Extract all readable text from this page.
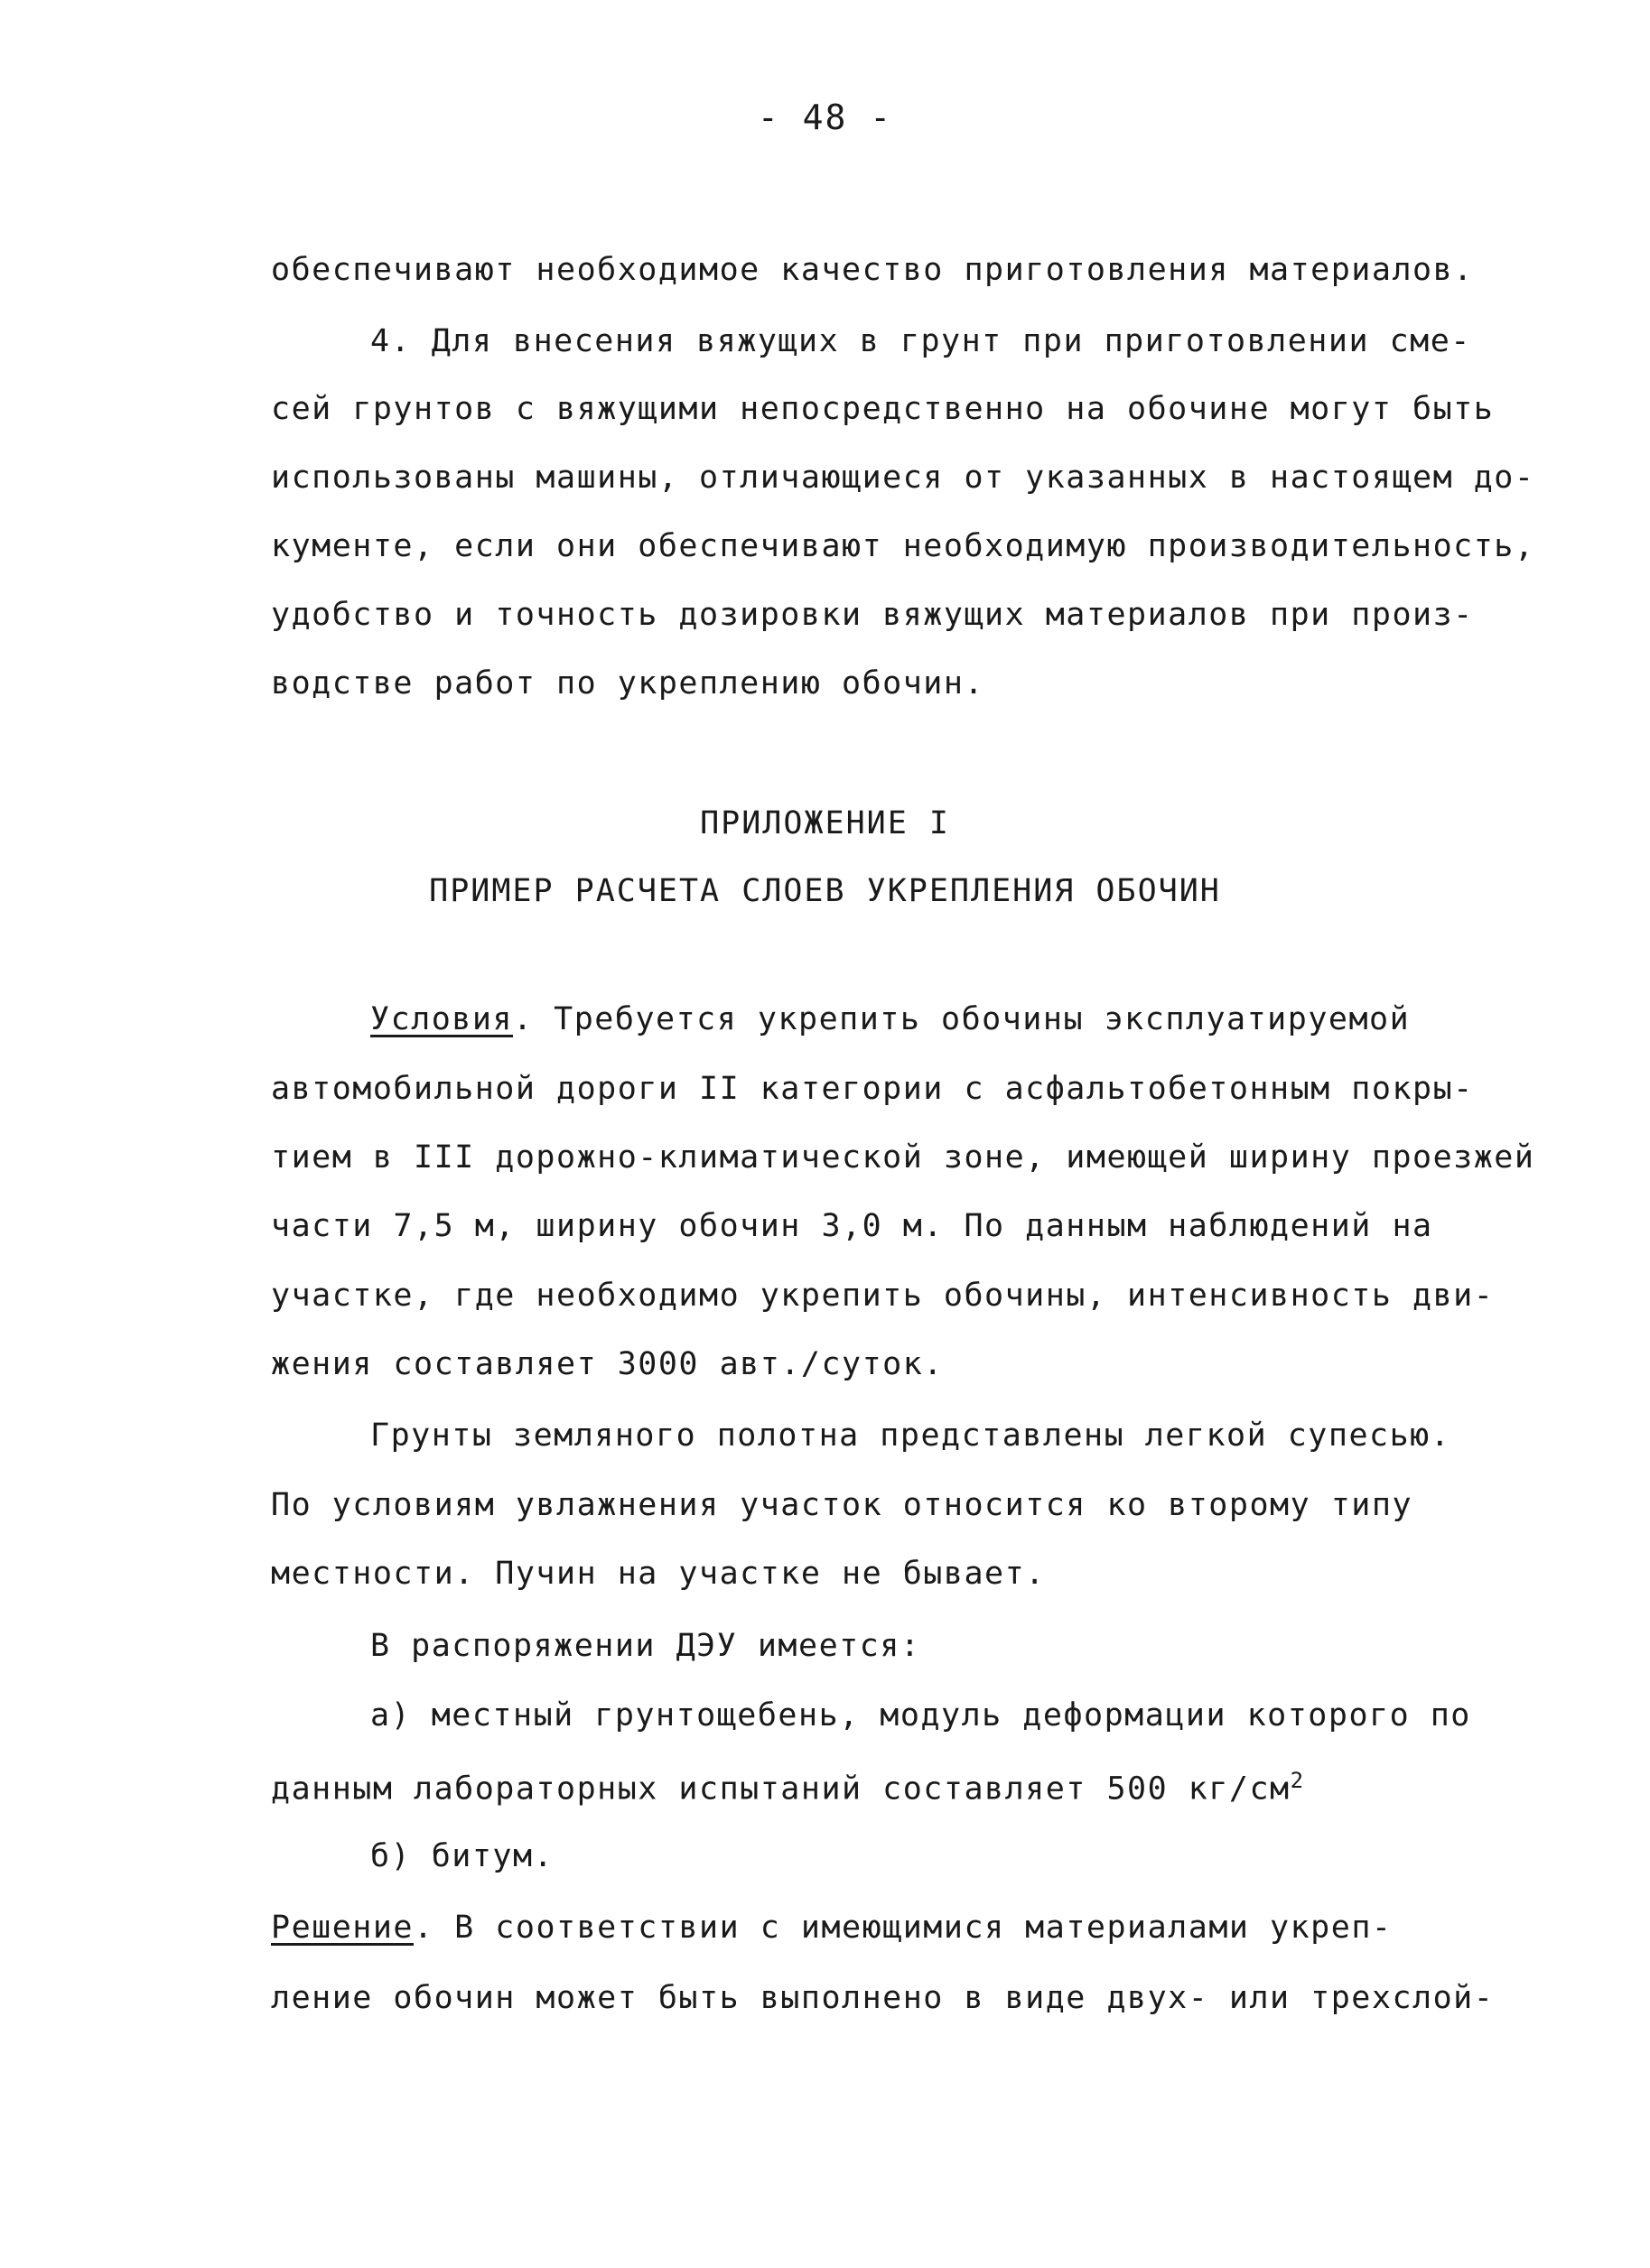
- 48 -
обеспечивают необходимое качество приготовления материалов.
4. Для внесения вяжущих в грунт при приготовлении сме-
сей грунтов с вяжущими непосредственно на обочине могут быть
использованы машины, отличающиеся от указанных в настоящем до-
кументе, если они обеспечивают необходимую производительность,
удобство и точность дозировки вяжущих материалов при произ-
водстве работ по укреплению обочин.
ПРИЛОЖЕНИЕ I
ПРИМЕР РАСЧЕТА СЛОЕВ УКРЕПЛЕНИЯ ОБОЧИН
Условия. Требуется укрепить обочины эксплуатируемой
автомобильной дороги II категории с асфальтобетонным покры-
тием в III дорожно-климатической зоне, имеющей ширину проезжей
части 7,5 м, ширину обочин 3,0 м. По данным наблюдений на
участке, где необходимо укрепить обочины, интенсивность дви-
жения составляет 3000 авт./суток.
Грунты земляного полотна представлены легкой супесью.
По условиям увлажнения участок относится ко второму типу
местности. Пучин на участке не бывает.
В распоряжении ДЭУ имеется:
а) местный грунтощебень, модуль деформации которого по
данным лабораторных испытаний составляет 500 $кг/см^2$
б) битум.
Решение. В соответствии с имеющимися материалами укреп-
ление обочин может быть выполнено в виде двух- или трехслой-
